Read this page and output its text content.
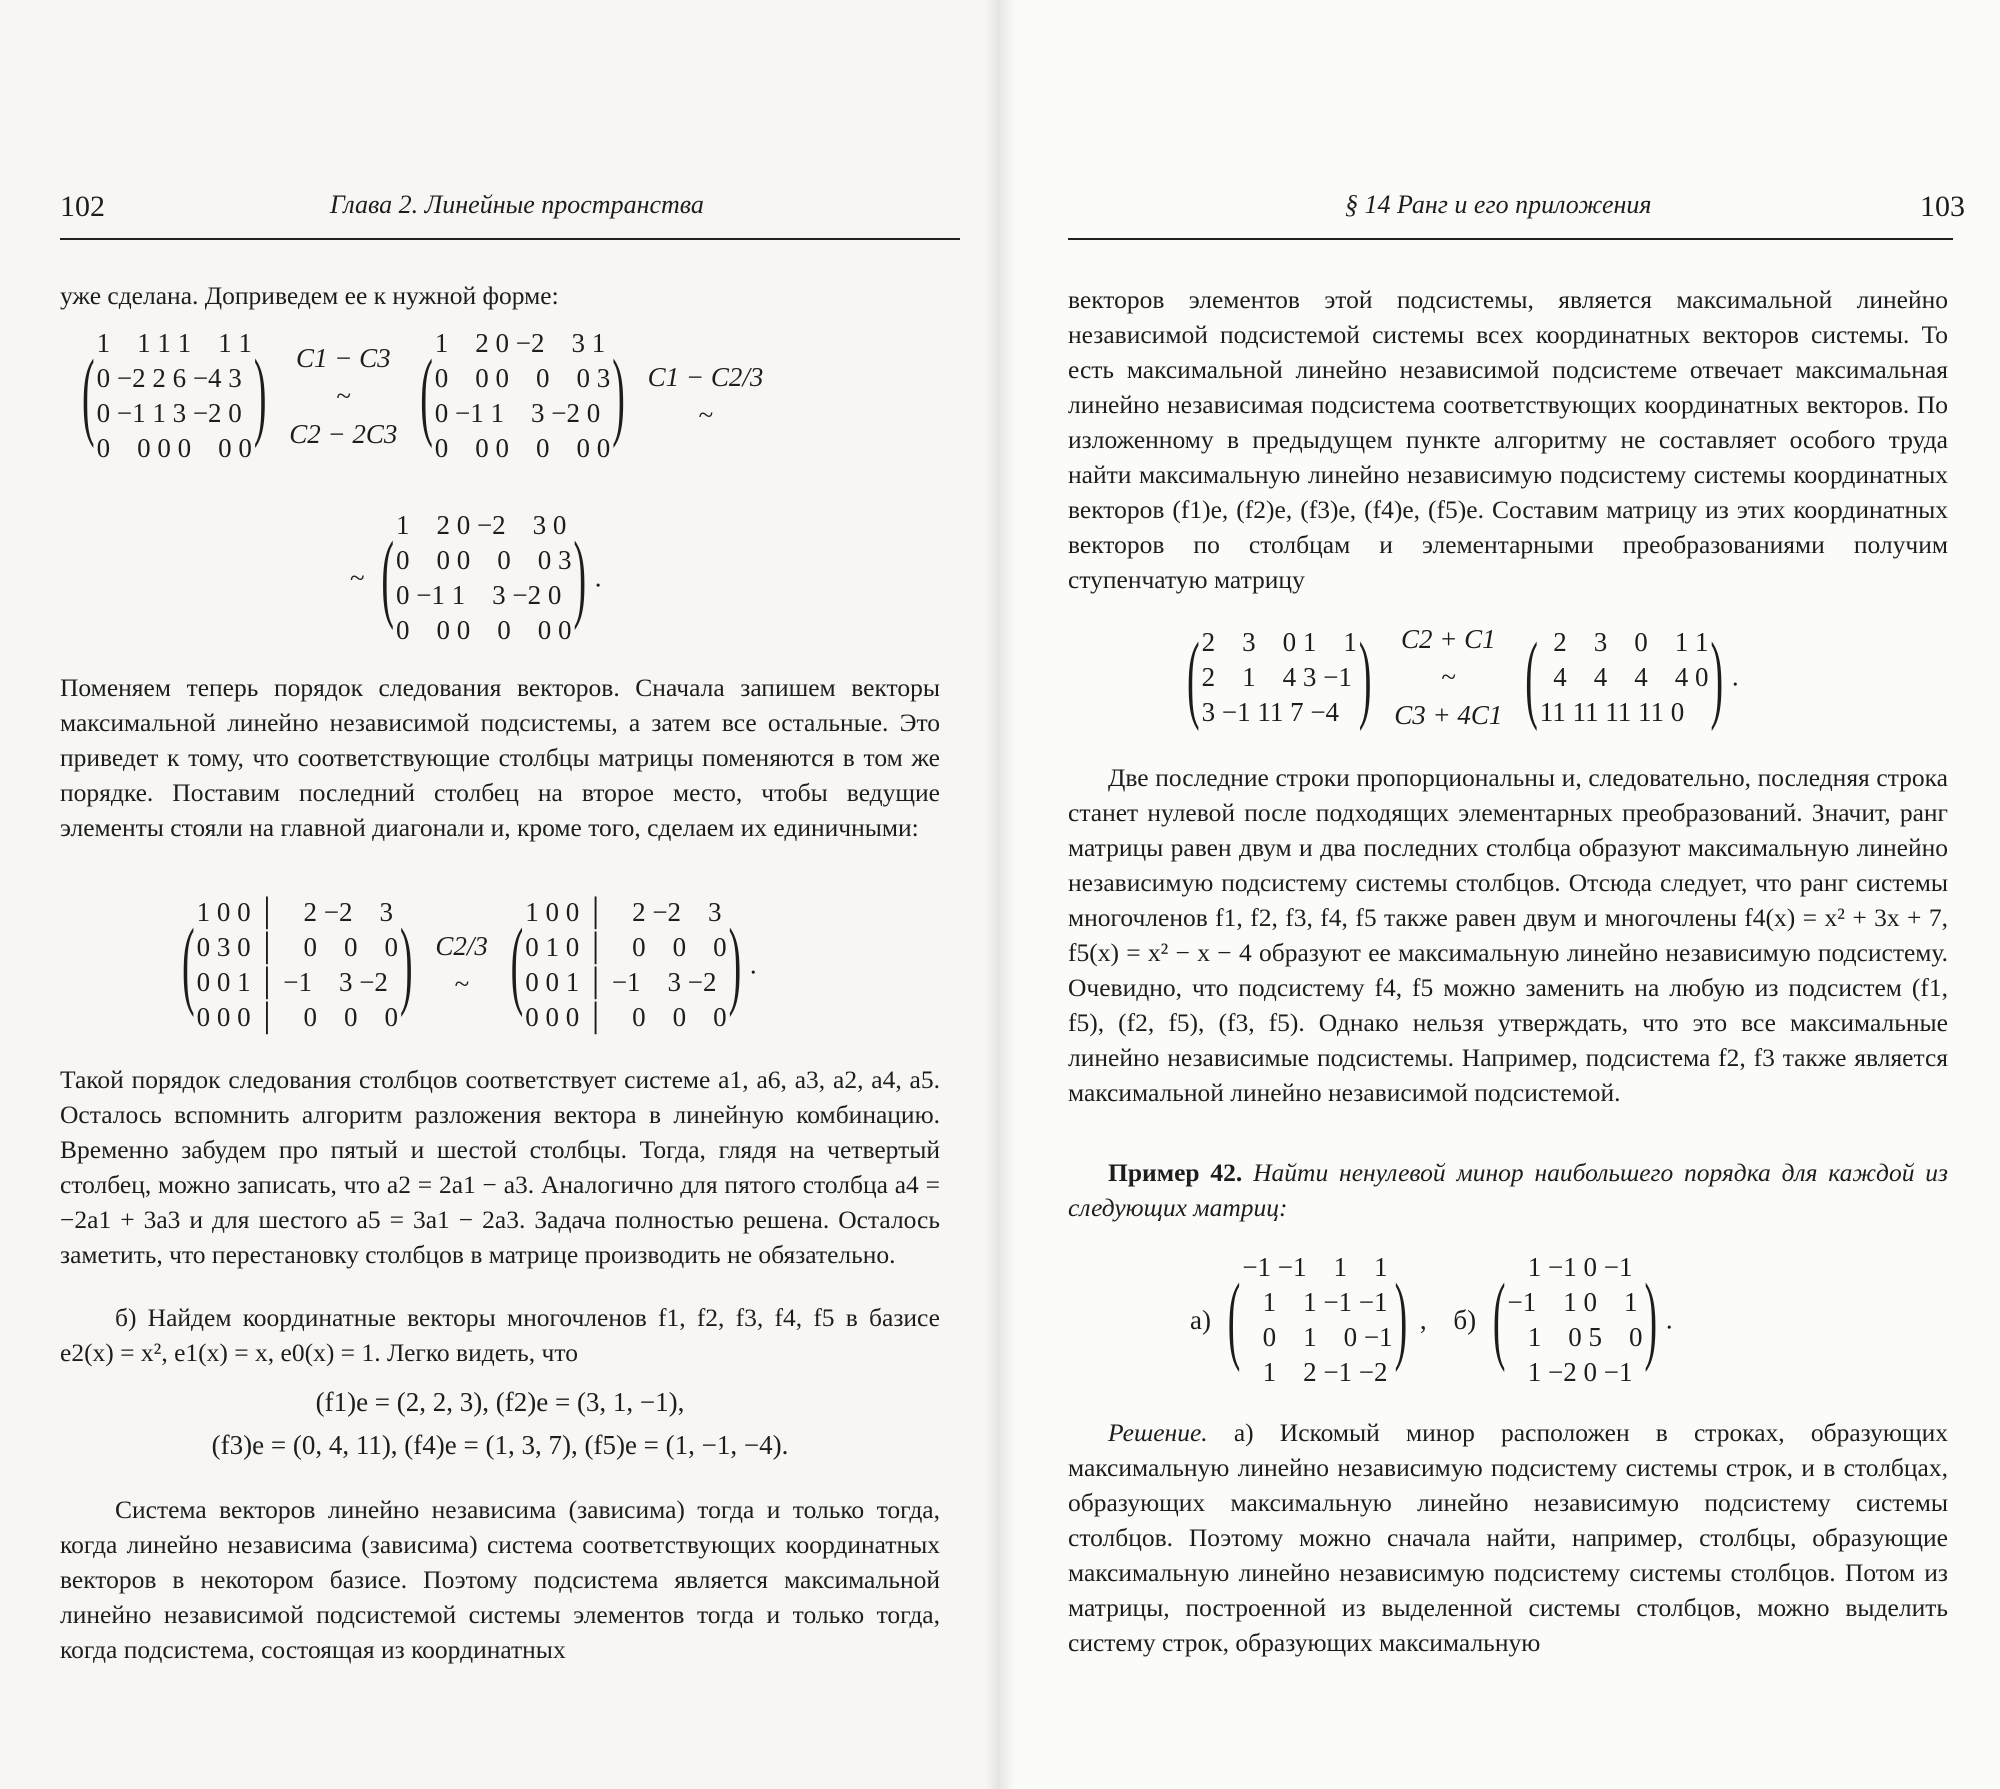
102	Глава 2. Линейные пространства
уже сделана. Доприведем ее к нужной форме:
( 1    1 1 1    1 1
0 −2 2 6 −4 3
0 −1 1 3 −2 0
0    0 0 0    0 0 )
C1 − C3
~
C2 − 2C3
( 1    2 0 −2    3 1
0    0 0    0    0 3
0 −1 1    3 −2 0
0    0 0    0    0 0 )
C1 − C2/3
~
~ ( 1    2 0 −2    3 0
0    0 0    0    0 3
0 −1 1    3 −2 0
0    0 0    0    0 0 ) .
Поменяем теперь порядок следования векторов. Сначала запишем векторы максимальной линейно независимой подсистемы, а затем все остальные. Это приведет к тому, что соответствующие столбцы матрицы поменяются в том же порядке. Поставим последний столбец на второе место, чтобы ведущие элементы стояли на главной диагонали и, кроме того, сделаем их единичными:
( 1 0 0 │    2 −2    3
0 3 0 │    0    0    0
0 0 1 │ −1    3 −2
0 0 0 │    0    0    0 )
C2/3
~
( 1 0 0 │    2 −2    3
0 1 0 │    0    0    0
0 0 1 │ −1    3 −2
0 0 0 │    0    0    0 ) .
Такой порядок следования столбцов соответствует системе a1, a6, a3, a2, a4, a5. Осталось вспомнить алгоритм разложения вектора в линейную комбинацию. Временно забудем про пятый и шестой столбцы. Тогда, глядя на четвертый столбец, можно записать, что a2 = 2a1 − a3. Аналогично для пятого столбца a4 = −2a1 + 3a3 и для шестого a5 = 3a1 − 2a3. Задача полностью решена. Осталось заметить, что перестановку столбцов в матрице производить не обязательно.
б) Найдем координатные векторы многочленов f1, f2, f3, f4, f5 в базисе e2(x) = x², e1(x) = x, e0(x) = 1. Легко видеть, что
(f1)e = (2, 2, 3), (f2)e = (3, 1, −1),
(f3)e = (0, 4, 11), (f4)e = (1, 3, 7), (f5)e = (1, −1, −4).
Система векторов линейно независима (зависима) тогда и только тогда, когда линейно независима (зависима) система соответствующих координатных векторов в некотором базисе. Поэтому подсистема является максимальной линейно независимой подсистемой системы элементов тогда и только тогда, когда подсистема, состоящая из координатных
§ 14 Ранг и его приложения	103
векторов элементов этой подсистемы, является максимальной линейно независимой подсистемой системы всех координатных векторов системы. То есть максимальной линейно независимой подсистеме отвечает максимальная линейно независимая подсистема соответствующих координатных векторов. По изложенному в предыдущем пункте алгоритму не составляет особого труда найти максимальную линейно независимую подсистему системы координатных векторов (f1)e, (f2)e, (f3)e, (f4)e, (f5)e. Составим матрицу из этих координатных векторов по столбцам и элементарными преобразованиями получим ступенчатую матрицу
( 2    3    0 1    1
2    1    4 3 −1
3 −1 11 7 −4 )
C2 + C1
~
C3 + 4C1
( 2    3    0    1 1
4    4    4    4 0
11 11 11 11 0 ) .
Две последние строки пропорциональны и, следовательно, последняя строка станет нулевой после подходящих элементарных преобразований. Значит, ранг матрицы равен двум и два последних столбца образуют максимальную линейно независимую подсистему системы столбцов. Отсюда следует, что ранг системы многочленов f1, f2, f3, f4, f5 также равен двум и многочлены f4(x) = x² + 3x + 7, f5(x) = x² − x − 4 образуют ее максимальную линейно независимую подсистему. Очевидно, что подсистему f4, f5 можно заменить на любую из подсистем (f1, f5), (f2, f5), (f3, f5). Однако нельзя утверждать, что это все максимальные линейно независимые подсистемы. Например, подсистема f2, f3 также является максимальной линейно независимой подсистемой.
Пример 42. Найти ненулевой минор наибольшего порядка для каждой из следующих матриц:
а) ( −1 −1    1    1
1    1 −1 −1
0    1    0 −1
1    2 −1 −2 ) , б) ( 1 −1 0 −1
−1    1 0    1
1    0 5    0
1 −2 0 −1 ) .
Решение. а) Искомый минор расположен в строках, образующих максимальную линейно независимую подсистему системы строк, и в столбцах, образующих максимальную линейно независимую подсистему системы столбцов. Поэтому можно сначала найти, например, столбцы, образующие максимальную линейно независимую подсистему системы столбцов. Потом из матрицы, построенной из выделенной системы столбцов, можно выделить систему строк, образующих максимальную
